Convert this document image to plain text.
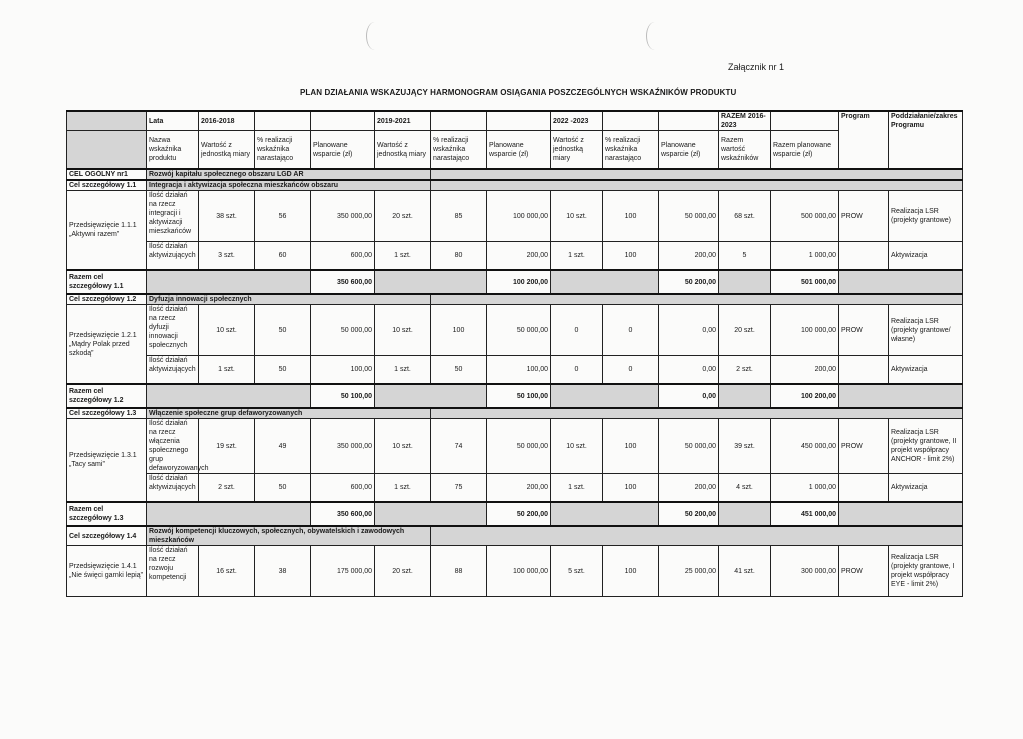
Załącznik nr 1
PLAN DZIAŁANIA WSKAZUJĄCY HARMONOGRAM OSIĄGANIA POSZCZEGÓLNYCH WSKAŹNIKÓW PRODUKTU
	Lata	2016-2018			2019-2021			2022 -2023			RAZEM 2016-2023		Program	Poddziałanie/zakres Programu
	Nazwa wskaźnika produktu	Wartość z jednostką miary	% realizacji wskaźnika narastająco	Planowane wsparcie (zł)	Wartość z jednostką miary	% realizacji wskaźnika narastająco	Planowane wsparcie (zł)	Wartość z jednostką miary	% realizacji wskaźnika narastająco	Planowane wsparcie (zł)	Razem wartość wskaźników	Razem planowane wsparcie (zł)		
CEL OGÓLNY nr1	Rozwój kapitału społecznego obszaru LGD AR													
Cel szczegółowy 1.1	Integracja i aktywizacja społeczna mieszkańców obszaru													
Przedsięwzięcie 1.1.1 „Aktywni razem”	Ilość działań na rzecz integracji i aktywizacji mieszkańców	38 szt.	56	350 000,00	20 szt.	85	100 000,00	10 szt.	100	50 000,00	68 szt.	500 000,00	PROW	Realizacja LSR (projekty grantowe)
	Ilość działań aktywizujących	3 szt.	60	600,00	1 szt.	80	200,00	1 szt.	100	200,00	5	1 000,00		Aktywizacja
Razem cel szczegółowy 1.1				350 600,00			100 200,00			50 200,00		501 000,00		
Cel szczegółowy 1.2	Dyfuzja innowacji społecznych													
Przedsięwzięcie 1.2.1 „Mądry Polak przed szkodą”	Ilość działań na rzecz dyfuzji innowacji społecznych	10 szt.	50	50 000,00	10 szt.	100	50 000,00	0	0	0,00	20 szt.	100 000,00	PROW	Realizacja LSR (projekty grantowe/ własne)
	Ilość działań aktywizujących	1 szt.	50	100,00	1 szt.	50	100,00	0	0	0,00	2 szt.	200,00		Aktywizacja
Razem cel szczegółowy 1.2				50 100,00			50 100,00			0,00		100 200,00		
Cel szczegółowy 1.3	Włączenie społeczne grup defaworyzowanych													
Przedsięwzięcie 1.3.1 „Tacy sami”	Ilość działań na rzecz włączenia społecznego grup defaworyzowanych	19 szt.	49	350 000,00	10 szt.	74	50 000,00	10 szt.	100	50 000,00	39 szt.	450 000,00	PROW	Realizacja LSR (projekty grantowe, II projekt współpracy ANCHOR - limit 2%)
	Ilość działań aktywizujących	2 szt.	50	600,00	1 szt.	75	200,00	1 szt.	100	200,00	4 szt.	1 000,00		Aktywizacja
Razem cel szczegółowy 1.3				350 600,00			50 200,00			50 200,00		451 000,00		
Cel szczegółowy 1.4	Rozwój kompetencji kluczowych, społecznych, obywatelskich i zawodowych mieszkańców													
Przedsięwzięcie 1.4.1 „Nie święci garnki lepią”	Ilość działań na rzecz rozwoju kompetencji	16 szt.	38	175 000,00	20 szt.	88	100 000,00	5 szt.	100	25 000,00	41 szt.	300 000,00	PROW	Realizacja LSR (projekty grantowe, I projekt współpracy EYE - limit 2%)
